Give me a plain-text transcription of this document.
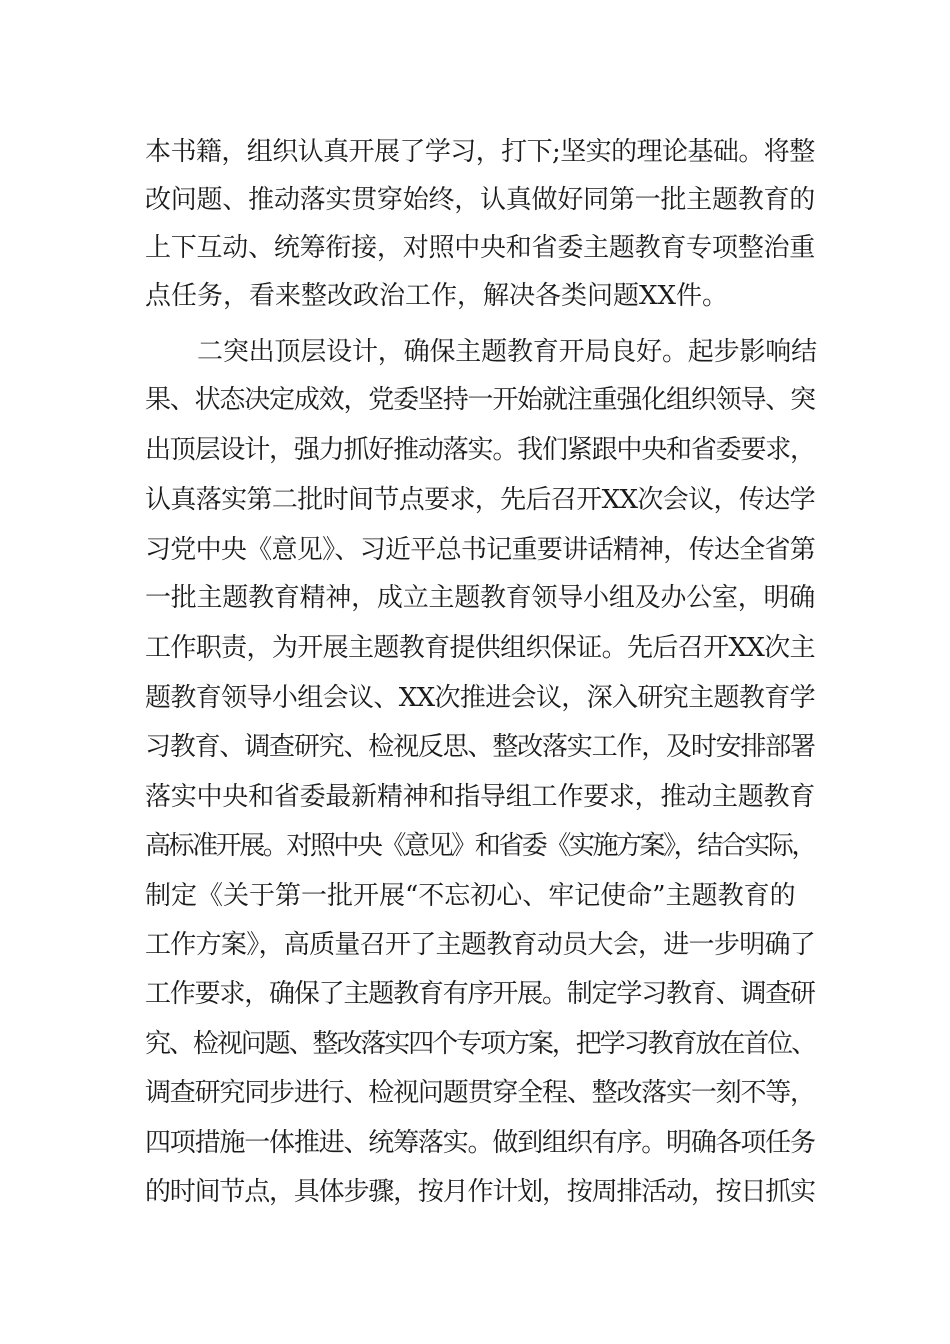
本书籍，组织认真开展了学习，打下;坚实的理论基础。将整
改问题、推动落实贯穿始终，认真做好同第一批主题教育的
上下互动、统筹衔接，对照中央和省委主题教育专项整治重
点任务，看来整改政治工作，解决各类问题XX件。
二突出顶层设计，确保主题教育开局良好。起步影响结
果、状态决定成效，党委坚持一开始就注重强化组织领导、突
出顶层设计，强力抓好推动落实。我们紧跟中央和省委要求，
认真落实第二批时间节点要求，先后召开XX次会议，传达学
习党中央《意见》、习近平总书记重要讲话精神，传达全省第
一批主题教育精神，成立主题教育领导小组及办公室，明确
工作职责，为开展主题教育提供组织保证。先后召开XX次主
题教育领导小组会议、XX次推进会议，深入研究主题教育学
习教育、调查研究、检视反思、整改落实工作，及时安排部署
落实中央和省委最新精神和指导组工作要求，推动主题教育
高标准开展。对照中央《意见》和省委《实施方案》，结合实际，
制定《关于第一批开展“不忘初心、牢记使命”主题教育的
工作方案》，高质量召开了主题教育动员大会，进一步明确了
工作要求，确保了主题教育有序开展。制定学习教育、调查研
究、检视问题、整改落实四个专项方案，把学习教育放在首位、
调查研究同步进行、检视问题贯穿全程、整改落实一刻不等，
四项措施一体推进、统筹落实。做到组织有序。明确各项任务
的时间节点，具体步骤，按月作计划，按周排活动，按日抓实
